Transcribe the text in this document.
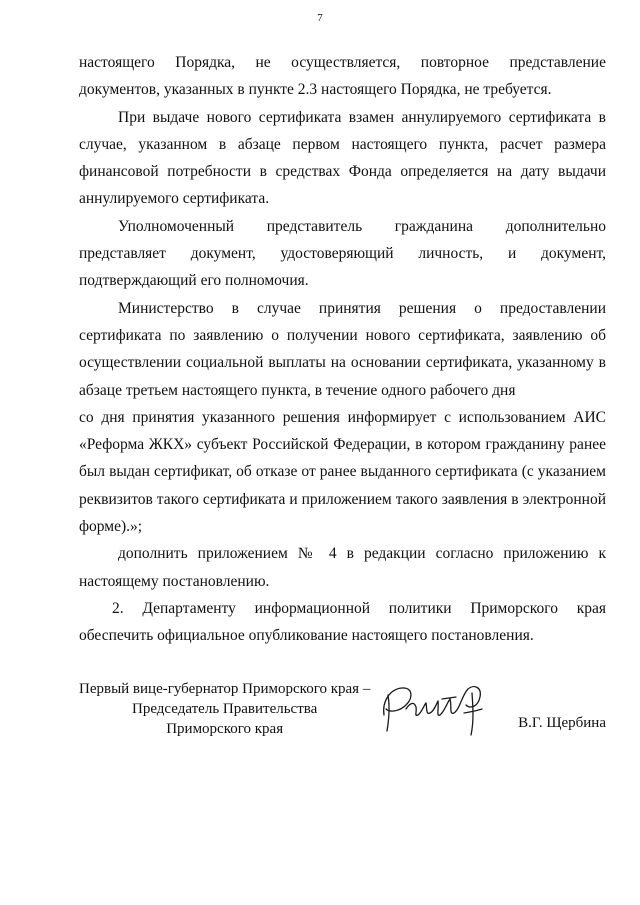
7

настоящего Порядка, не осуществляется, повторное представление документов, указанных в пункте 2.3 настоящего Порядка, не требуется.

При выдаче нового сертификата взамен аннулируемого сертификата в случае, указанном в абзаце первом настоящего пункта, расчет размера финансовой потребности в средствах Фонда определяется на дату выдачи аннулируемого сертификата.

Уполномоченный представитель гражданина дополнительно представляет документ, удостоверяющий личность, и документ, подтверждающий его полномочия.

Министерство в случае принятия решения о предоставлении сертификата по заявлению о получении нового сертификата, заявлению об осуществлении социальной выплаты на основании сертификата, указанному в абзаце третьем настоящего пункта, в течение одного рабочего дня

со дня принятия указанного решения информирует с использованием АИС «Реформа ЖКХ» субъект Российской Федерации, в котором гражданину ранее был выдан сертификат, об отказе от ранее выданного сертификата (с указанием реквизитов такого сертификата и приложением такого заявления в электронной форме).»;

дополнить приложением № 4 в редакции согласно приложению к настоящему постановлению.

2. Департаменту информационной политики Приморского края обеспечить официальное опубликование настоящего постановления.

Первый вице-губернатор Приморского края –
Председатель Правительства
Приморского края	В.Г. Щербина
